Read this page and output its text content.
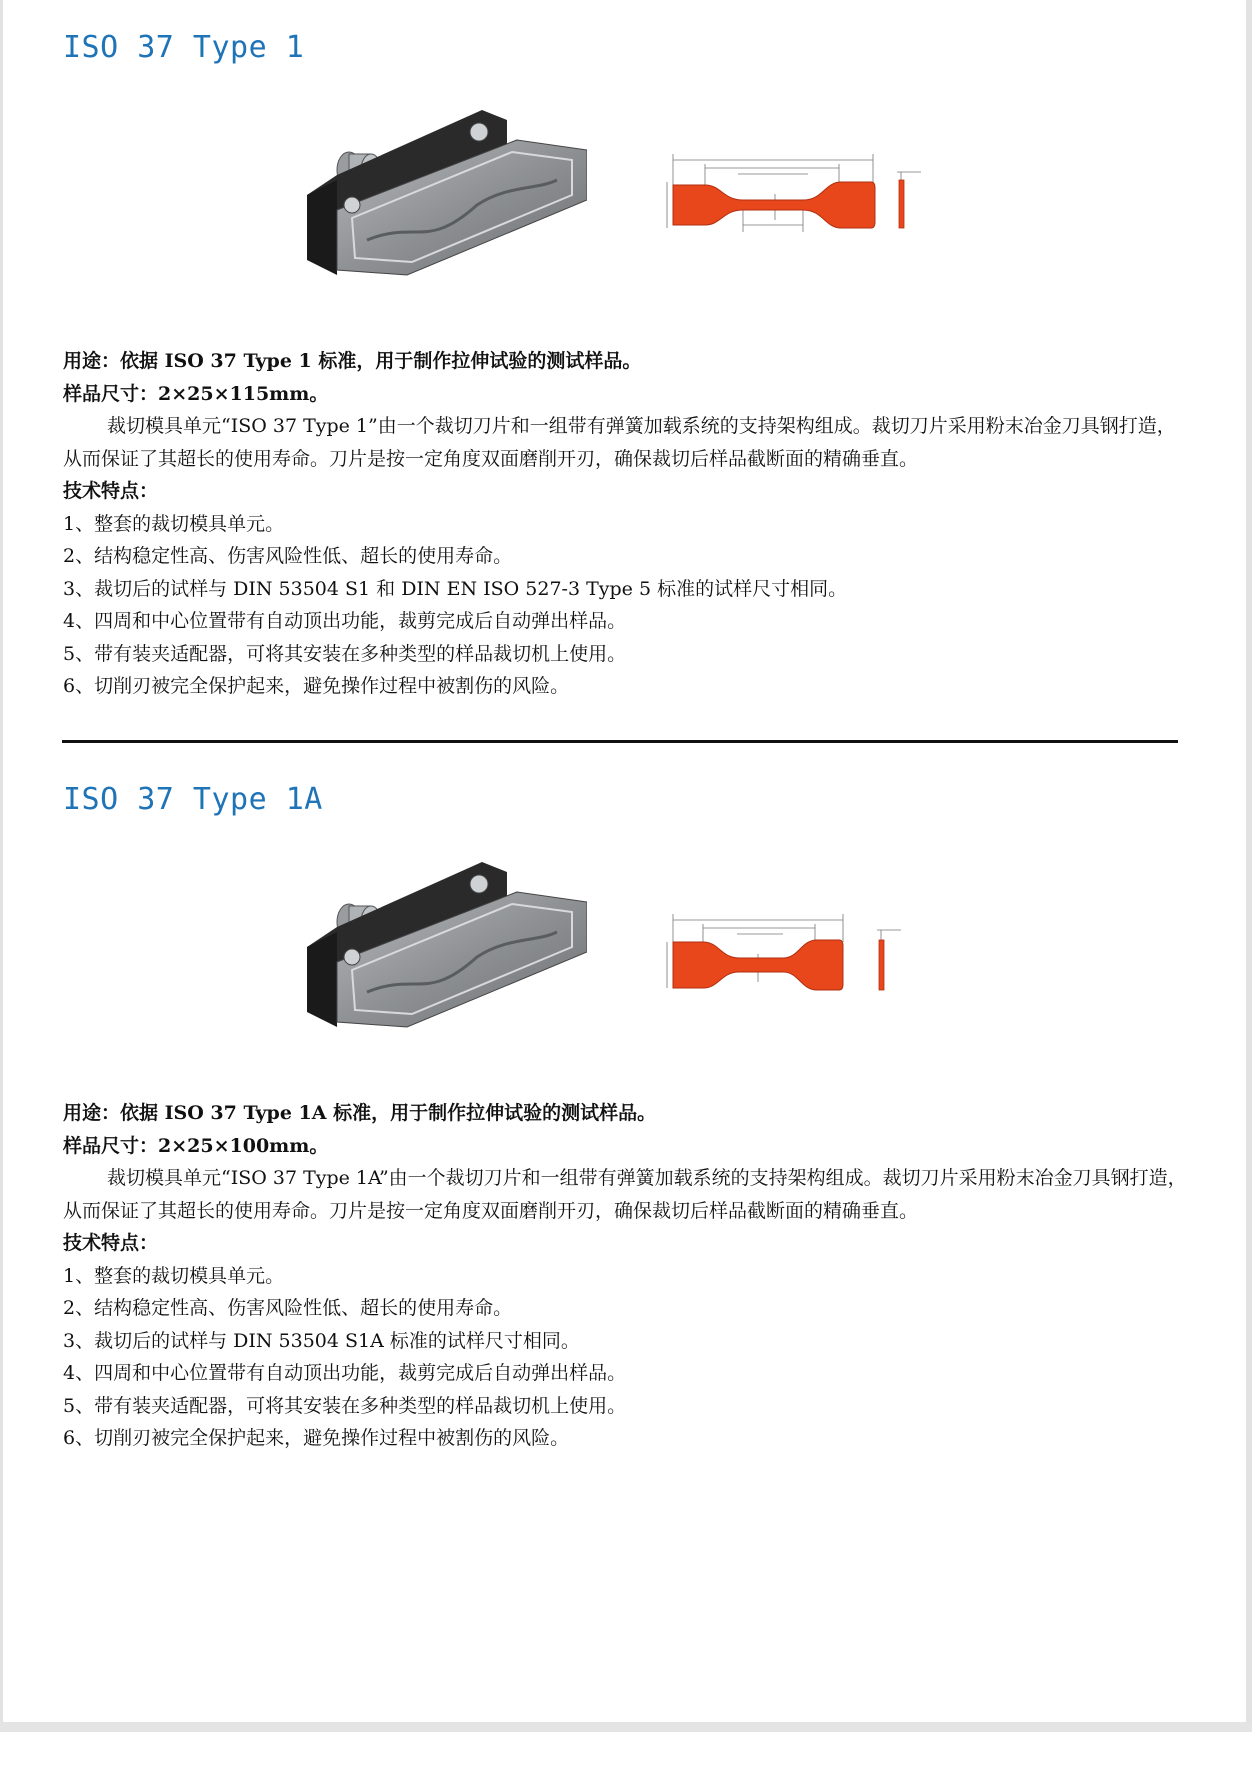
ISO 37 Type 1

用途：依据 ISO 37 Type 1 标准，用于制作拉伸试验的测试样品。

样品尺寸：2×25×115mm。

裁切模具单元“ISO 37 Type 1”由一个裁切刀片和一组带有弹簧加载系统的支持架构组成。裁切刀片采用粉末冶金刀具钢打造，从而保证了其超长的使用寿命。刀片是按一定角度双面磨削开刃，确保裁切后样品截断面的精确垂直。

技术特点：

1、整套的裁切模具单元。

2、结构稳定性高、伤害风险性低、超长的使用寿命。

3、裁切后的试样与 DIN 53504 S1 和 DIN EN ISO 527-3 Type 5 标准的试样尺寸相同。

4、四周和中心位置带有自动顶出功能，裁剪完成后自动弹出样品。

5、带有装夹适配器，可将其安装在多种类型的样品裁切机上使用。

6、切削刃被完全保护起来，避免操作过程中被割伤的风险。

ISO 37 Type 1A

用途：依据 ISO 37 Type 1A 标准，用于制作拉伸试验的测试样品。

样品尺寸：2×25×100mm。

裁切模具单元“ISO 37 Type 1A”由一个裁切刀片和一组带有弹簧加载系统的支持架构组成。裁切刀片采用粉末冶金刀具钢打造，从而保证了其超长的使用寿命。刀片是按一定角度双面磨削开刃，确保裁切后样品截断面的精确垂直。

技术特点：

1、整套的裁切模具单元。

2、结构稳定性高、伤害风险性低、超长的使用寿命。

3、裁切后的试样与 DIN 53504 S1A 标准的试样尺寸相同。

4、四周和中心位置带有自动顶出功能，裁剪完成后自动弹出样品。

5、带有装夹适配器，可将其安装在多种类型的样品裁切机上使用。

6、切削刃被完全保护起来，避免操作过程中被割伤的风险。
